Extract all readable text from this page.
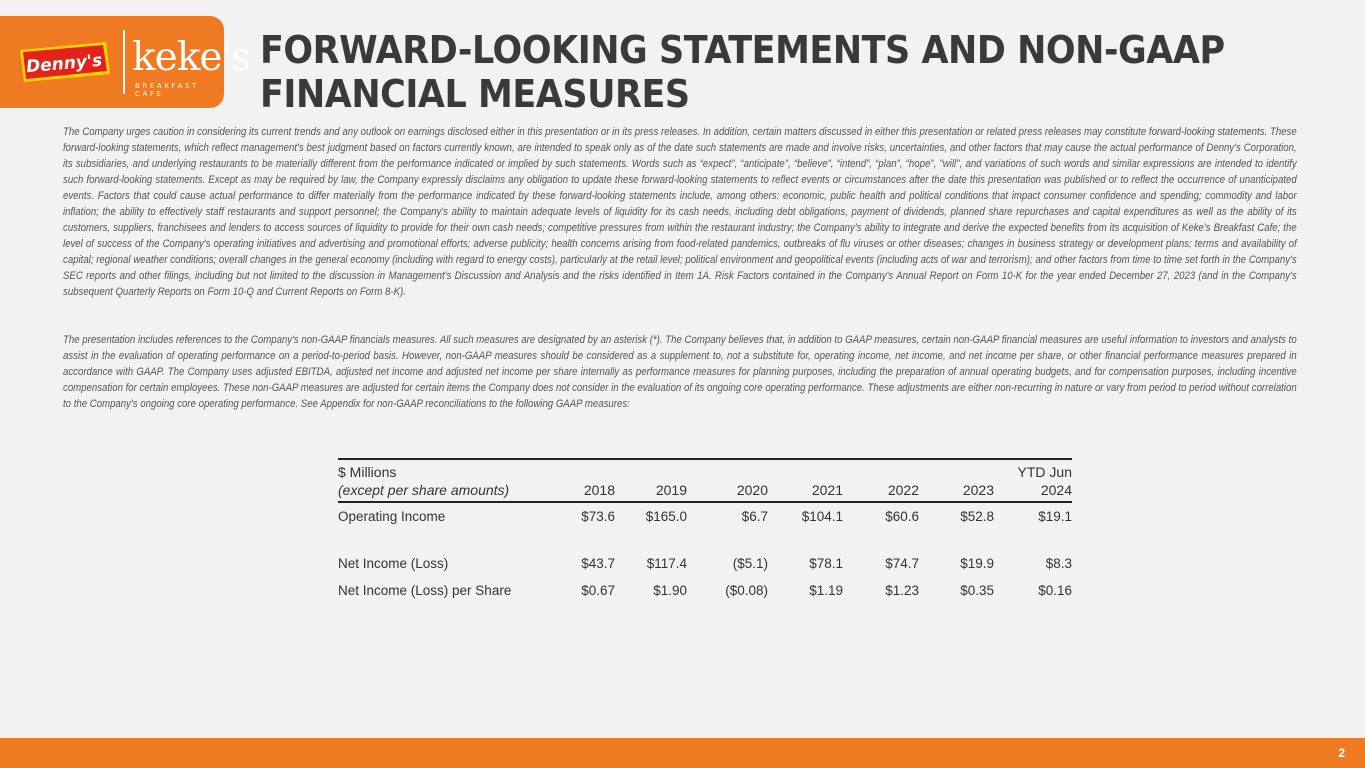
Denny's keke's
BREAKFAST CAFE
FORWARD-LOOKING STATEMENTS AND NON-GAAP FINANCIAL MEASURES

The Company urges caution in considering its current trends and any outlook on earnings disclosed either in this presentation or in its press releases. In addition, certain matters discussed in either this presentation or related press releases may constitute forward-looking statements. These forward-looking statements, which reflect management's best judgment based on factors currently known, are intended to speak only as of the date such statements are made and involve risks, uncertainties, and other factors that may cause the actual performance of Denny's Corporation, its subsidiaries, and underlying restaurants to be materially different from the performance indicated or implied by such statements. Words such as “expect”, “anticipate”, “believe”, “intend”, “plan”, “hope”, "will", and variations of such words and similar expressions are intended to identify such forward-looking statements. Except as may be required by law, the Company expressly disclaims any obligation to update these forward-looking statements to reflect events or circumstances after the date this presentation was published or to reflect the occurrence of unanticipated events. Factors that could cause actual performance to differ materially from the performance indicated by these forward-looking statements include, among others: economic, public health and political conditions that impact consumer confidence and spending; commodity and labor inflation; the ability to effectively staff restaurants and support personnel; the Company's ability to maintain adequate levels of liquidity for its cash needs, including debt obligations, payment of dividends, planned share repurchases and capital expenditures as well as the ability of its customers, suppliers, franchisees and lenders to access sources of liquidity to provide for their own cash needs; competitive pressures from within the restaurant industry; the Company's ability to integrate and derive the expected benefits from its acquisition of Keke's Breakfast Cafe; the level of success of the Company's operating initiatives and advertising and promotional efforts; adverse publicity; health concerns arising from food-related pandemics, outbreaks of flu viruses or other diseases; changes in business strategy or development plans; terms and availability of capital; regional weather conditions; overall changes in the general economy (including with regard to energy costs), particularly at the retail level; political environment and geopolitical events (including acts of war and terrorism); and other factors from time to time set forth in the Company's SEC reports and other filings, including but not limited to the discussion in Management's Discussion and Analysis and the risks identified in Item 1A. Risk Factors contained in the Company's Annual Report on Form 10-K for the year ended December 27, 2023 (and in the Company's subsequent Quarterly Reports on Form 10-Q and Current Reports on Form 8-K).

The presentation includes references to the Company's non-GAAP financials measures. All such measures are designated by an asterisk (*). The Company believes that, in addition to GAAP measures, certain non-GAAP financial measures are useful information to investors and analysts to assist in the evaluation of operating performance on a period-to-period basis. However, non-GAAP measures should be considered as a supplement to, not a substitute for, operating income, net income, and net income per share, or other financial performance measures prepared in accordance with GAAP. The Company uses adjusted EBITDA, adjusted net income and adjusted net income per share internally as performance measures for planning purposes, including the preparation of annual operating budgets, and for compensation purposes, including incentive compensation for certain employees. These non-GAAP measures are adjusted for certain items the Company does not consider in the evaluation of its ongoing core operating performance. These adjustments are either non-recurring in nature or vary from period to period without correlation to the Company's ongoing core operating performance. See Appendix for non-GAAP reconciliations to the following GAAP measures:

$ Millions
(except per share amounts)	2018	2019	2020	2021	2022	2023	YTD Jun 2024
Operating Income	$73.6	$165.0	$6.7	$104.1	$60.6	$52.8	$19.1

Net Income (Loss)	$43.7	$117.4	($5.1)	$78.1	$74.7	$19.9	$8.3
Net Income (Loss) per Share	$0.67	$1.90	($0.08)	$1.19	$1.23	$0.35	$0.16
2
